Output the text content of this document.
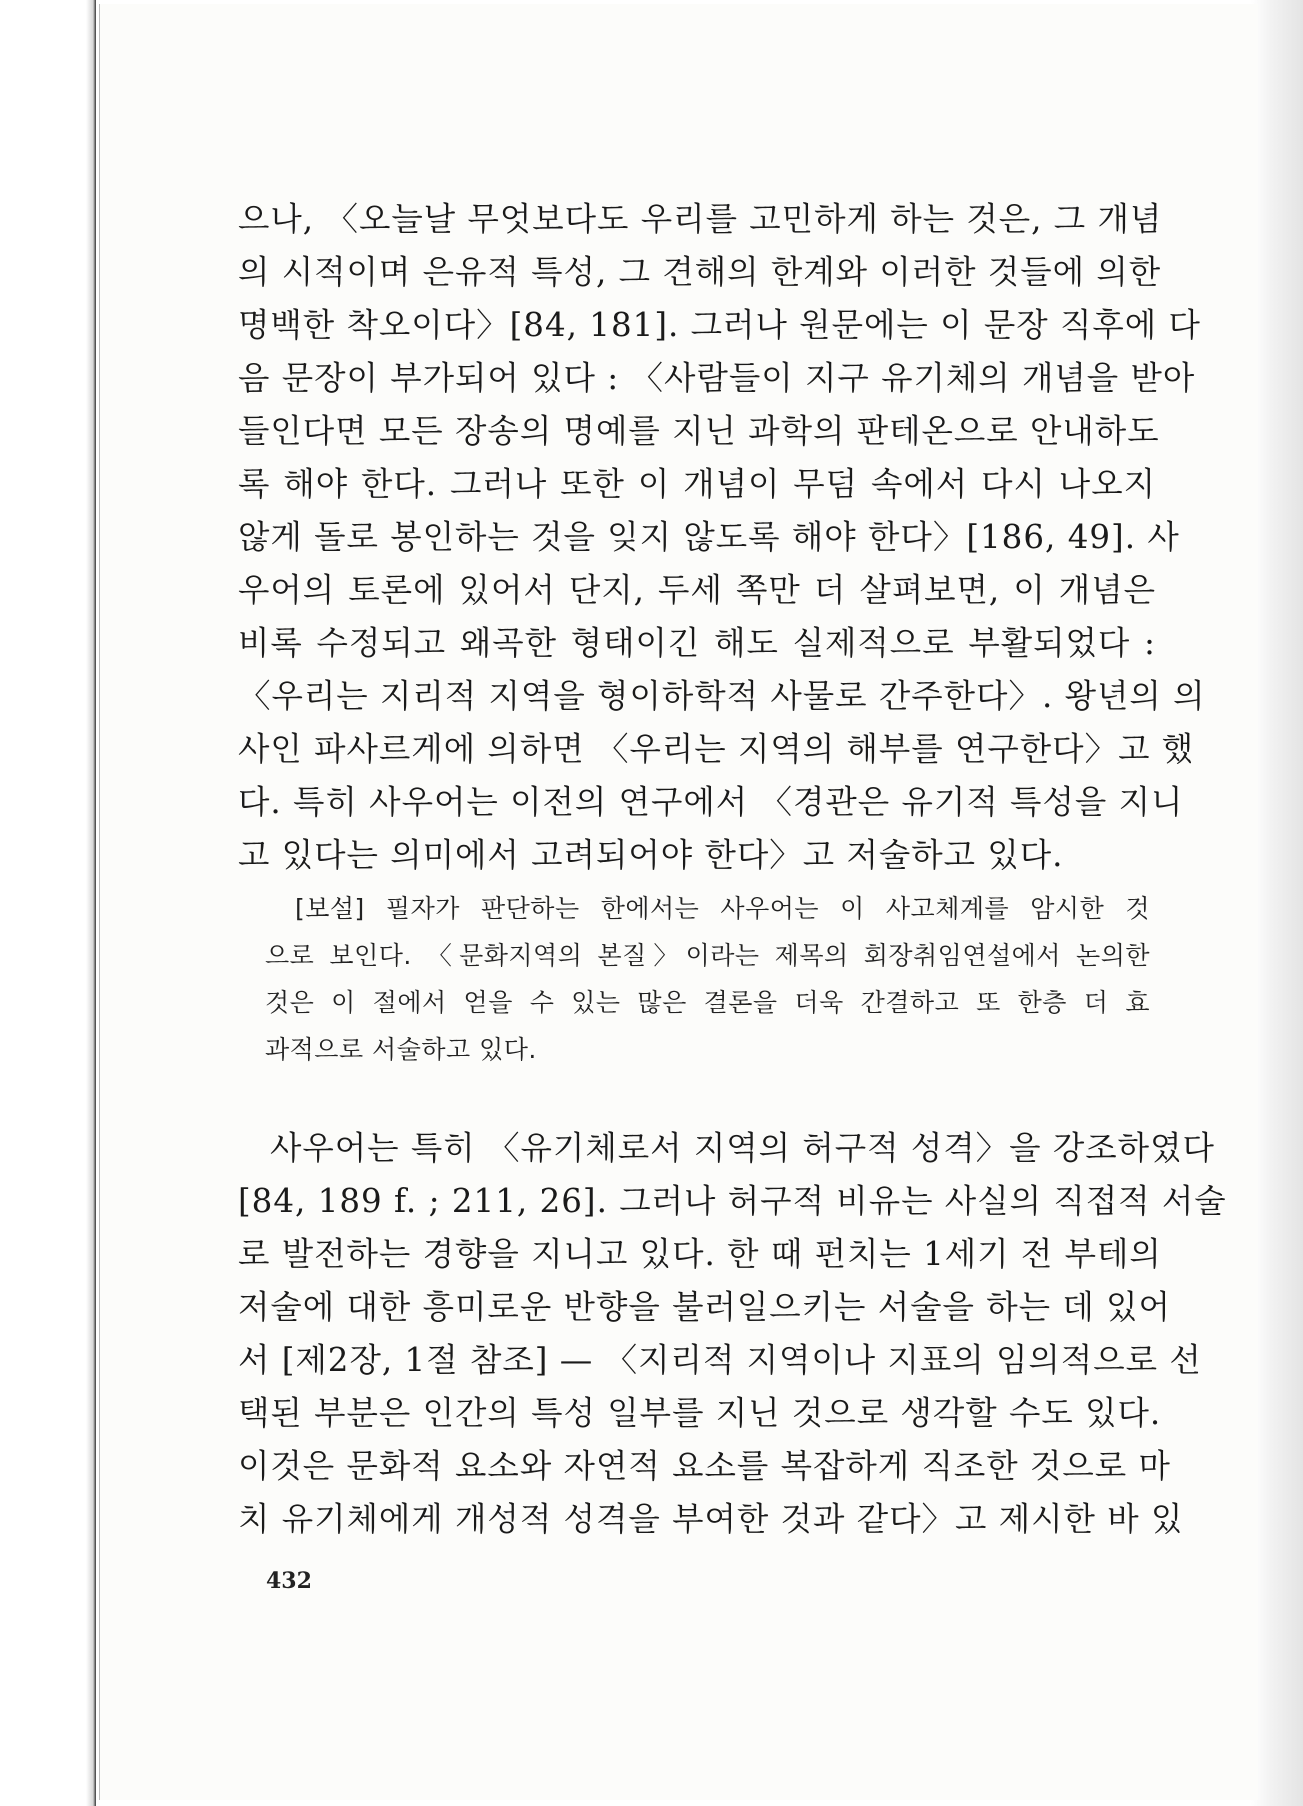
으나, 〈오늘날 무엇보다도 우리를 고민하게 하는 것은, 그 개념
의 시적이며 은유적 특성, 그 견해의 한계와 이러한 것들에 의한
명백한 착오이다〉[84, 181]. 그러나 원문에는 이 문장 직후에 다
음 문장이 부가되어 있다 : 〈사람들이 지구 유기체의 개념을 받아
들인다면 모든 장송의 명예를 지닌 과학의 판테온으로 안내하도
록 해야 한다. 그러나 또한 이 개념이 무덤 속에서 다시 나오지
않게 돌로 봉인하는 것을 잊지 않도록 해야 한다〉[186, 49]. 사
우어의 토론에 있어서 단지, 두세 쪽만 더 살펴보면, 이 개념은
비록 수정되고 왜곡한 형태이긴 해도 실제적으로 부활되었다 :
〈우리는 지리적 지역을 형이하학적 사물로 간주한다〉. 왕년의 의
사인 파사르게에 의하면 〈우리는 지역의 해부를 연구한다〉고 했
다. 특히 사우어는 이전의 연구에서 〈경관은 유기적 특성을 지니
고 있다는 의미에서 고려되어야 한다〉고 저술하고 있다.
[보설] 필자가 판단하는 한에서는 사우어는 이 사고체계를 암시한 것
으로 보인다. 〈문화지역의 본질〉이라는 제목의 회장취임연설에서 논의한
것은 이 절에서 얻을 수 있는 많은 결론을 더욱 간결하고 또 한층 더 효
과적으로 서술하고 있다.
사우어는 특히 〈유기체로서 지역의 허구적 성격〉을 강조하였다
[84, 189 f. ; 211, 26]. 그러나 허구적 비유는 사실의 직접적 서술
로 발전하는 경향을 지니고 있다. 한 때 펀치는 1세기 전 부테의
저술에 대한 흥미로운 반향을 불러일으키는 서술을 하는 데 있어
서 [제2장, 1절 참조] — 〈지리적 지역이나 지표의 임의적으로 선
택된 부분은 인간의 특성 일부를 지닌 것으로 생각할 수도 있다.
이것은 문화적 요소와 자연적 요소를 복잡하게 직조한 것으로 마
치 유기체에게 개성적 성격을 부여한 것과 같다〉고 제시한 바 있
432
